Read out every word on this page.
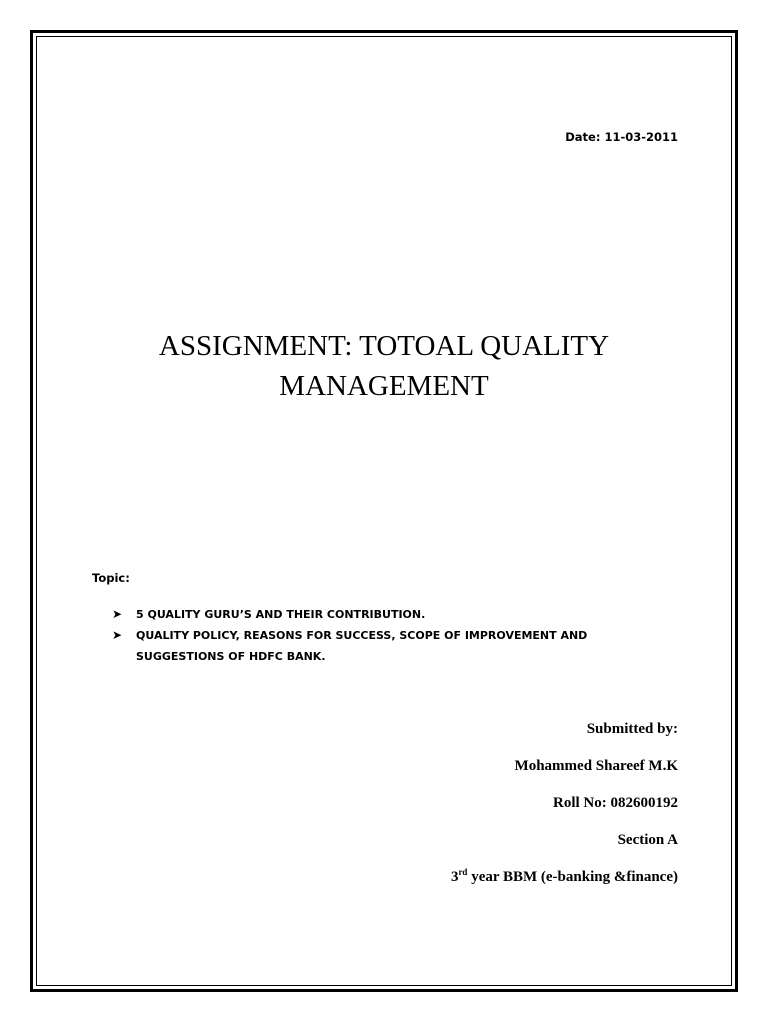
Date: 11-03-2011
ASSIGNMENT: TOTOAL QUALITY
MANAGEMENT
Topic:
➤ 5 QUALITY GURU’S AND THEIR CONTRIBUTION.
➤ QUALITY POLICY, REASONS FOR SUCCESS, SCOPE OF IMPROVEMENT AND SUGGESTIONS OF HDFC BANK.
Submitted by:
Mohammed Shareef M.K
Roll No: 082600192
Section A
3rd year BBM (e-banking &finance)
